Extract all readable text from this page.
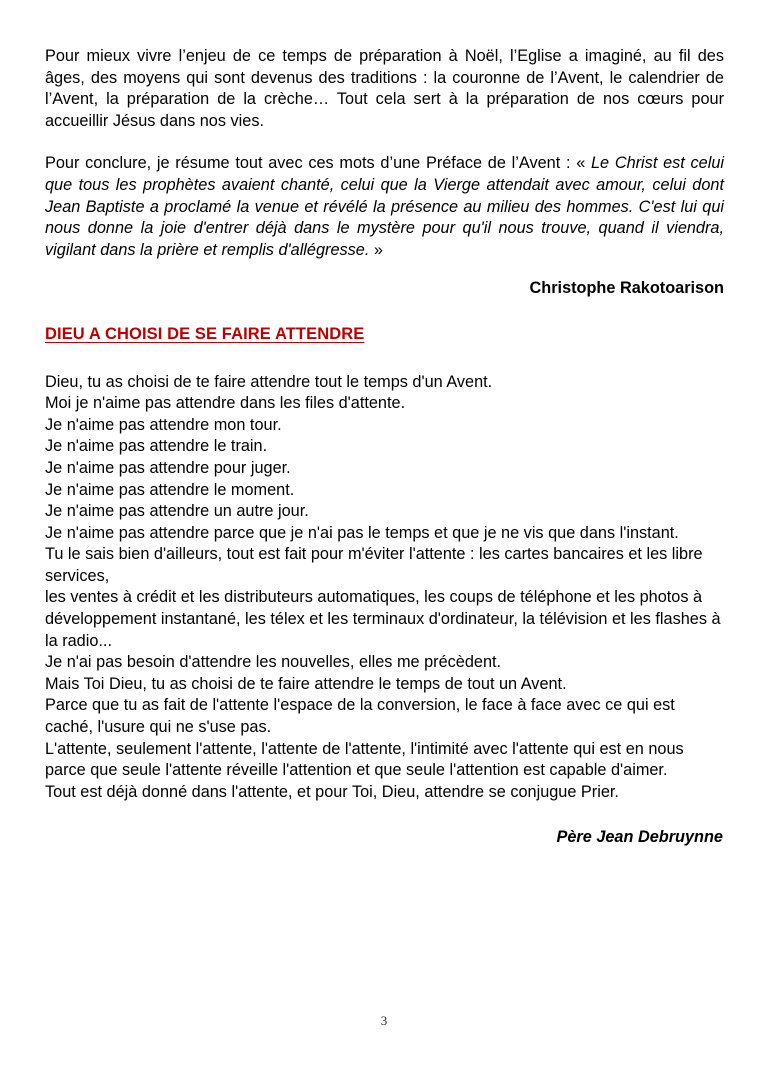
Pour mieux vivre l’enjeu de ce temps de préparation à Noël, l’Eglise a imaginé, au fil des âges, des moyens qui sont devenus des traditions : la couronne de l’Avent, le calendrier de l’Avent, la préparation de la crèche… Tout cela sert à la préparation de nos cœurs pour accueillir Jésus dans nos vies.

Pour conclure, je résume tout avec ces mots d’une Préface de l’Avent : « Le Christ est celui que tous les prophètes avaient chanté, celui que la Vierge attendait avec amour, celui dont Jean Baptiste a proclamé la venue et révélé la présence au milieu des hommes. C'est lui qui nous donne la joie d'entrer déjà dans le mystère pour qu'il nous trouve, quand il viendra, vigilant dans la prière et remplis d'allégresse. »

Christophe Rakotoarison
DIEU A CHOISI DE SE FAIRE ATTENDRE
Dieu, tu as choisi de te faire attendre tout le temps d'un Avent.
Moi je n'aime pas attendre dans les files d'attente.
Je n'aime pas attendre mon tour.
Je n'aime pas attendre le train.
Je n'aime pas attendre pour juger.
Je n'aime pas attendre le moment.
Je n'aime pas attendre un autre jour.
Je n'aime pas attendre parce que je n'ai pas le temps et que je ne vis que dans l'instant.
Tu le sais bien d'ailleurs, tout est fait pour m'éviter l'attente : les cartes bancaires et les libre services,
les ventes à crédit et les distributeurs automatiques, les coups de téléphone et les photos à développement instantané, les télex et les terminaux d'ordinateur, la télévision et les flashes à la radio...
Je n'ai pas besoin d'attendre les nouvelles, elles me précèdent.
Mais Toi Dieu, tu as choisi de te faire attendre le temps de tout un Avent.
Parce que tu as fait de l'attente l'espace de la conversion, le face à face avec ce qui est caché, l'usure qui ne s'use pas.
L'attente, seulement l'attente, l'attente de l'attente, l'intimité avec l'attente qui est en nous parce que seule l'attente réveille l'attention et que seule l'attention est capable d'aimer.
Tout est déjà donné dans l'attente, et pour Toi, Dieu, attendre se conjugue Prier.
Père Jean Debruynne
3
